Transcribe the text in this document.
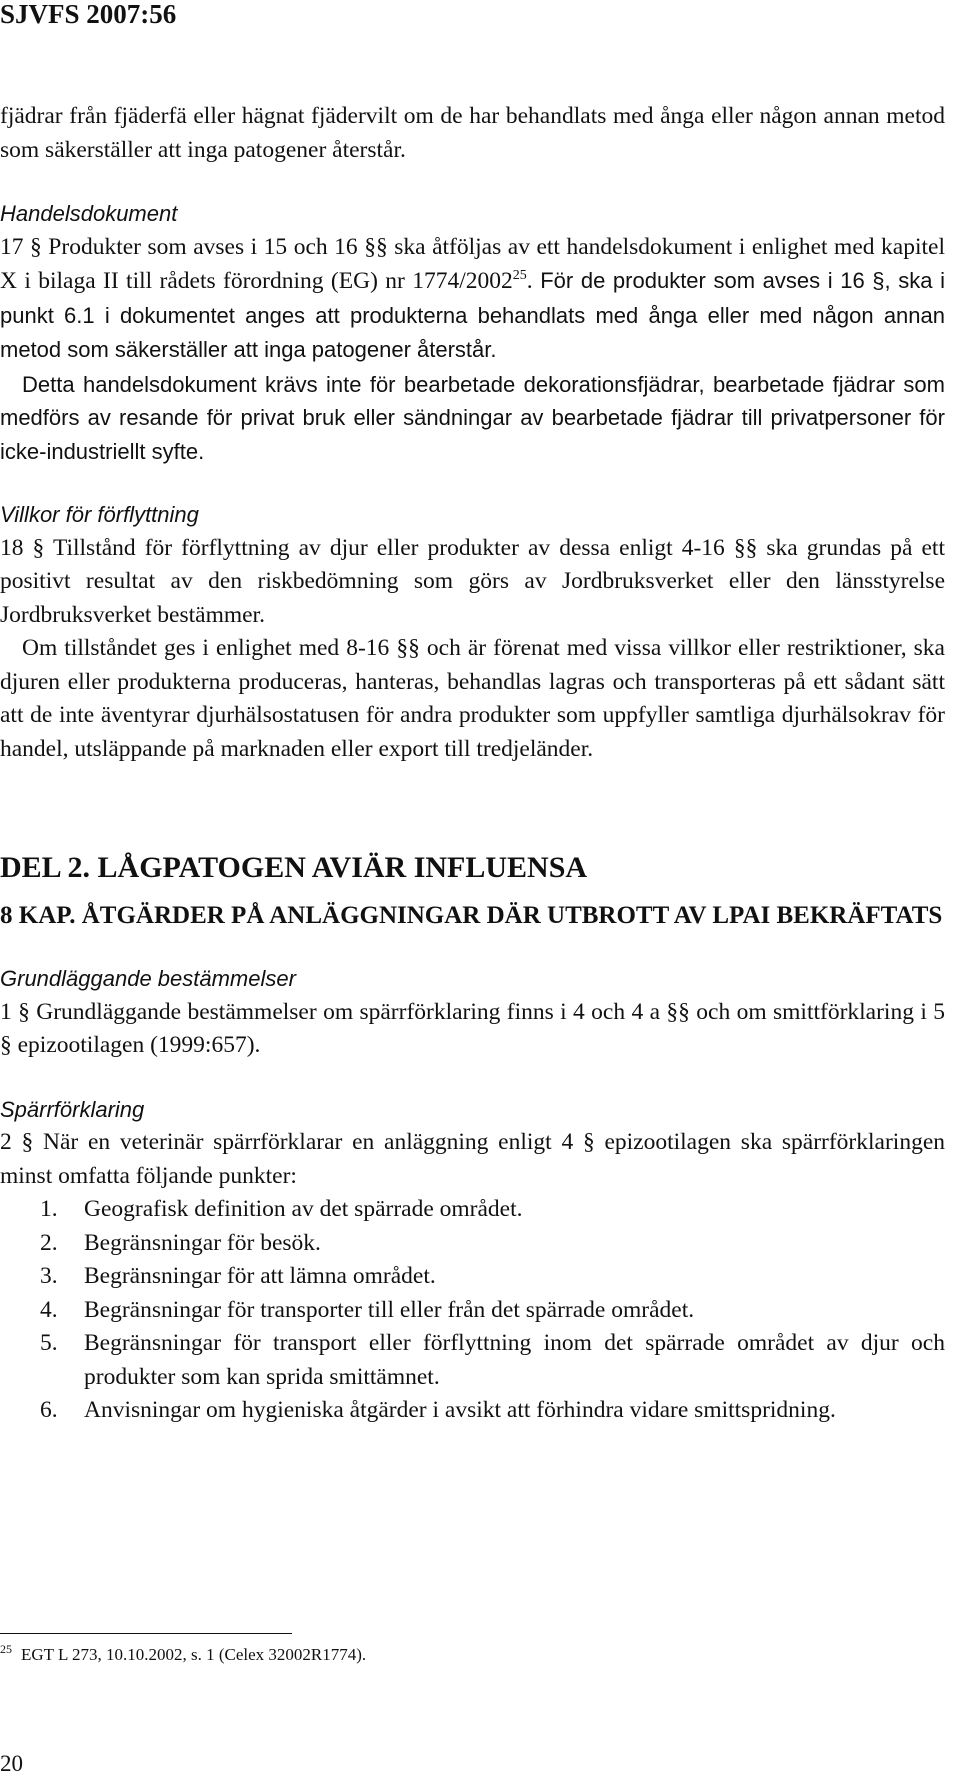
SJVFS 2007:56

fjädrar från fjäderfä eller hägnat fjädervilt om de har behandlats med ånga eller någon annan metod som säkerställer att inga patogener återstår.

Handelsdokument

17 § Produkter som avses i 15 och 16 §§ ska åtföljas av ett handelsdokument i enlighet med kapitel X i bilaga II till rådets förordning (EG) nr 1774/2002$^{25}$. För de produkter som avses i 16 §, ska i punkt 6.1 i dokumentet anges att produkterna behandlats med ånga eller med någon annan metod som säkerställer att inga patogener återstår.

Detta handelsdokument krävs inte för bearbetade dekorationsfjädrar, bearbetade fjädrar som medförs av resande för privat bruk eller sändningar av bearbetade fjädrar till privatpersoner för icke-industriellt syfte.

Villkor för förflyttning

18 § Tillstånd för förflyttning av djur eller produkter av dessa enligt 4-16 §§ ska grundas på ett positivt resultat av den riskbedömning som görs av Jordbruksverket eller den länsstyrelse Jordbruksverket bestämmer.

Om tillståndet ges i enlighet med 8-16 §§ och är förenat med vissa villkor eller restriktioner, ska djuren eller produkterna produceras, hanteras, behandlas lagras och transporteras på ett sådant sätt att de inte äventyrar djurhälsostatusen för andra produkter som uppfyller samtliga djurhälsokrav för handel, utsläppande på marknaden eller export till tredjeländer.

DEL 2. LÅGPATOGEN AVIÄR INFLUENSA

8 KAP. ÅTGÄRDER PÅ ANLÄGGNINGAR DÄR UTBROTT AV LPAI BEKRÄFTATS

Grundläggande bestämmelser

1 § Grundläggande bestämmelser om spärrförklaring finns i 4 och 4 a §§ och om smittförklaring i 5 § epizootilagen (1999:657).

Spärrförklaring

2 § När en veterinär spärrförklarar en anläggning enligt 4 § epizootilagen ska spärrförklaringen minst omfatta följande punkter:

1. Geografisk definition av det spärrade området.
2. Begränsningar för besök.
3. Begränsningar för att lämna området.
4. Begränsningar för transporter till eller från det spärrade området.
5. Begränsningar för transport eller förflyttning inom det spärrade området av djur och produkter som kan sprida smittämnet.
6. Anvisningar om hygieniska åtgärder i avsikt att förhindra vidare smittspridning.
$^{25}$ EGT L 273, 10.10.2002, s. 1 (Celex 32002R1774).
20
